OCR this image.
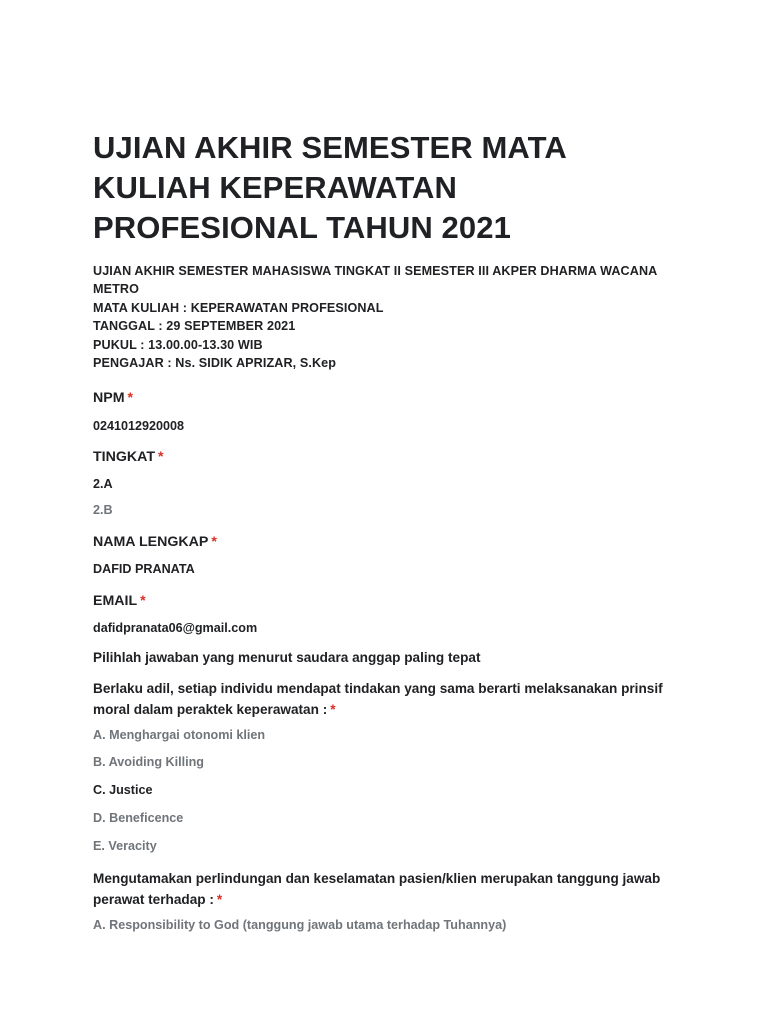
UJIAN AKHIR SEMESTER MATA KULIAH KEPERAWATAN PROFESIONAL TAHUN 2021
UJIAN AKHIR SEMESTER MAHASISWA TINGKAT II SEMESTER III AKPER DHARMA WACANA METRO
MATA KULIAH : KEPERAWATAN PROFESIONAL
TANGGAL : 29 SEPTEMBER 2021
PUKUL : 13.00.00-13.30 WIB
PENGAJAR : Ns. SIDIK APRIZAR, S.Kep
NPM *
0241012920008
TINGKAT *
2.A
2.B
NAMA LENGKAP *
DAFID PRANATA
EMAIL *
dafidpranata06@gmail.com
Pilihlah jawaban yang menurut saudara anggap paling tepat
Berlaku adil, setiap individu mendapat tindakan yang sama berarti melaksanakan prinsif moral dalam peraktek keperawatan : *
A. Menghargai otonomi klien
B. Avoiding Killing
C. Justice
D. Beneficence
E. Veracity
Mengutamakan perlindungan dan keselamatan pasien/klien merupakan tanggung jawab perawat terhadap : *
A. Responsibility to God (tanggung jawab utama terhadap Tuhannya)
